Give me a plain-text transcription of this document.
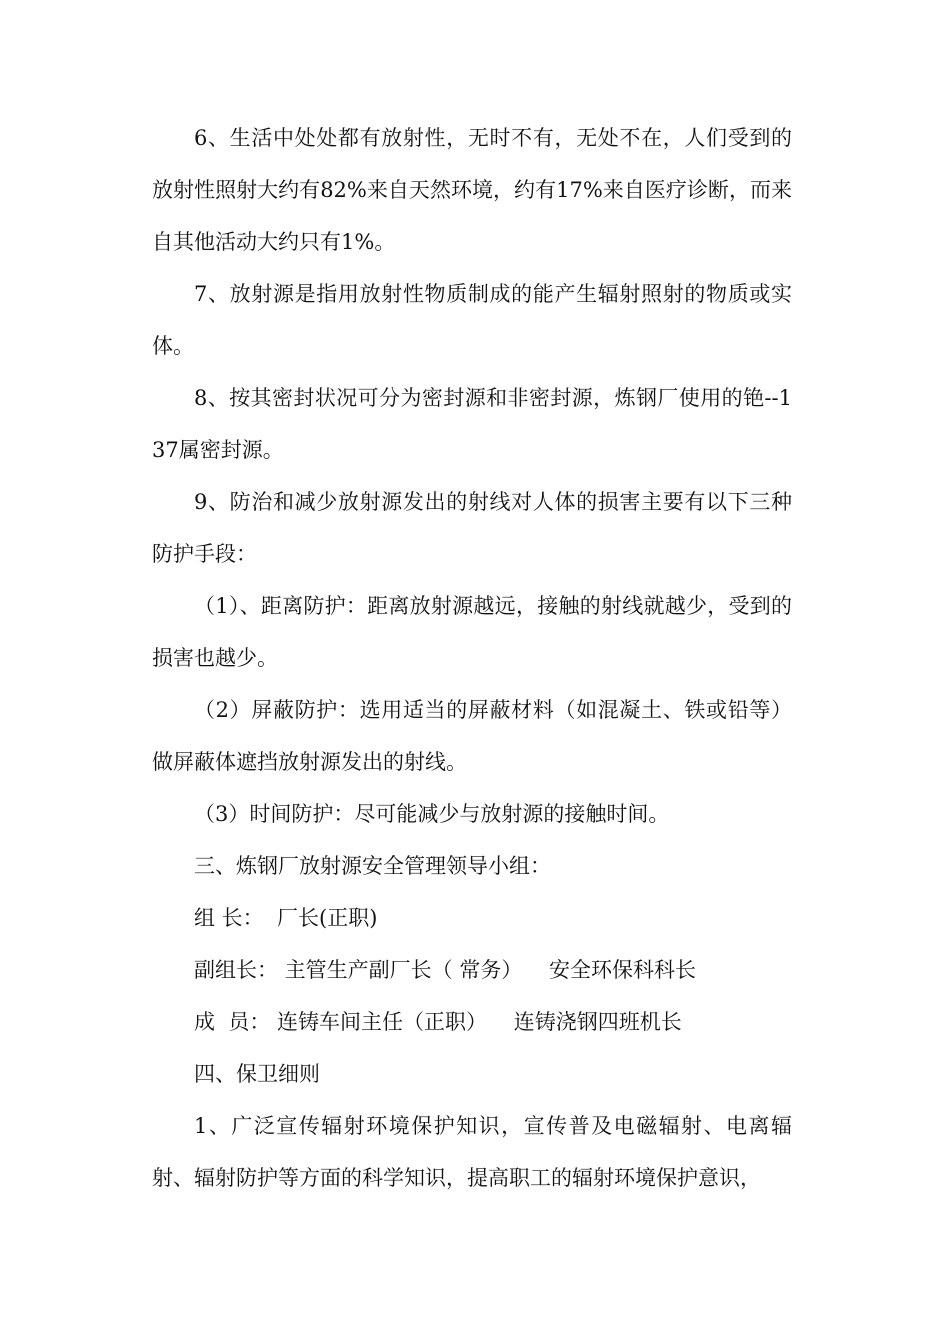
6、生活中处处都有放射性，无时不有，无处不在，人们受到的放射性照射大约有82%来自天然环境，约有17%来自医疗诊断，而来自其他活动大约只有1%。

7、放射源是指用放射性物质制成的能产生辐射照射的物质或实体。

8、按其密封状况可分为密封源和非密封源，炼钢厂使用的铯--137属密封源。

9、防治和减少放射源发出的射线对人体的损害主要有以下三种防护手段：

（1）、距离防护：距离放射源越远，接触的射线就越少，受到的损害也越少。

（2）屏蔽防护：选用适当的屏蔽材料（如混凝土、铁或铅等）做屏蔽体遮挡放射源发出的射线。

（3）时间防护：尽可能减少与放射源的接触时间。

三、炼钢厂放射源安全管理领导小组：

组 长：  厂长(正职)

副组长： 主管生产副厂长（ 常务）    安全环保科科长

成  员： 连铸车间主任（正职）    连铸浇钢四班机长

四、保卫细则

1、广泛宣传辐射环境保护知识，宣传普及电磁辐射、电离辐射、辐射防护等方面的科学知识，提高职工的辐射环境保护意识，
